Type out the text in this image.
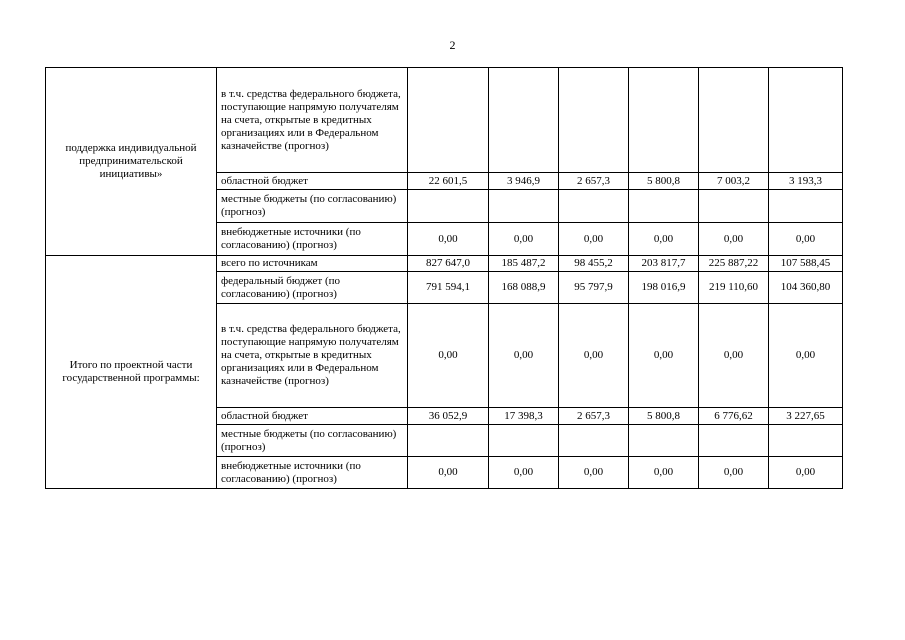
2
поддержка индивидуальной предпринимательской инициативы»	в т.ч. средства федерального бюджета, поступающие напрямую получателям на счета, открытые в кредитных организациях или в Федеральном казначействе (прогноз)						
	областной бюджет	22 601,5	3 946,9	2 657,3	5 800,8	7 003,2	3 193,3
	местные бюджеты (по согласованию) (прогноз)						
	внебюджетные источники (по согласованию) (прогноз)	0,00	0,00	0,00	0,00	0,00	0,00
Итого по проектной части государственной программы:	всего по источникам	827 647,0	185 487,2	98 455,2	203 817,7	225 887,22	107 588,45
	федеральный бюджет (по согласованию) (прогноз)	791 594,1	168 088,9	95 797,9	198 016,9	219 110,60	104 360,80
	в т.ч. средства федерального бюджета, поступающие напрямую получателям на счета, открытые в кредитных организациях или в Федеральном казначействе (прогноз)	0,00	0,00	0,00	0,00	0,00	0,00
	областной бюджет	36 052,9	17 398,3	2 657,3	5 800,8	6 776,62	3 227,65
	местные бюджеты (по согласованию) (прогноз)						
	внебюджетные источники (по согласованию) (прогноз)	0,00	0,00	0,00	0,00	0,00	0,00
